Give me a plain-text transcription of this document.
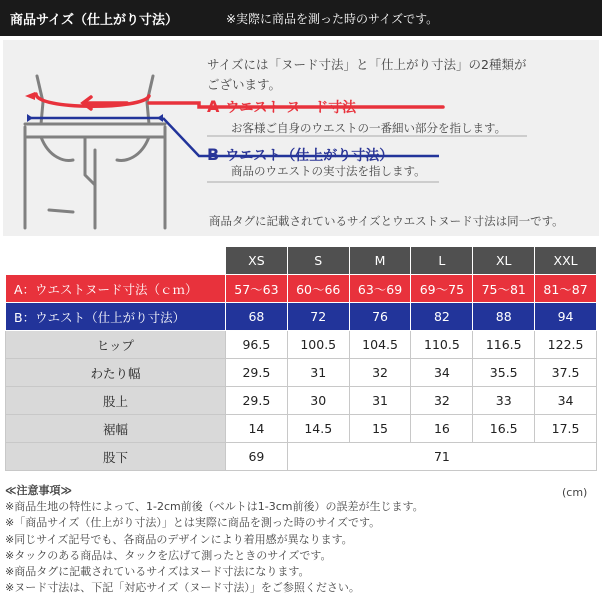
商品サイズ（仕上がり寸法）	※実際に商品を測った時のサイズです。
サイズには「ヌード寸法」と「仕上がり寸法」の2種類が
ございます。
A ウエスト ヌード寸法
お客様ご自身のウエストの一番細い部分を指します。
B ウエスト（仕上がり寸法）
商品のウエストの実寸法を指します。
商品タグに記載されているサイズとウエストヌード寸法は同一です。
	XS	S	M	L	XL	XXL
A：ウエストヌード寸法（ｃｍ）	57〜63	60〜66	63〜69	69〜75	75〜81	81〜87
B：ウエスト（仕上がり寸法）	68	72	76	82	88	94
ヒップ	96.5	100.5	104.5	110.5	116.5	122.5
わたり幅	29.5	31	32	34	35.5	37.5
股上	29.5	30	31	32	33	34
裾幅	14	14.5	15	16	16.5	17.5
股下	69	71				
(cm)
≪注意事項≫
※商品生地の特性によって、1-2cm前後（ベルトは1-3cm前後）の誤差が生じます。
※「商品サイズ（仕上がり寸法）」とは実際に商品を測った時のサイズです。
※同じサイズ記号でも、各商品のデザインにより着用感が異なります。
※タックのある商品は、タックを広げて測ったときのサイズです。
※商品タグに記載されているサイズはヌード寸法になります。
※ヌード寸法は、下記「対応サイズ（ヌード寸法）」をご参照ください。
